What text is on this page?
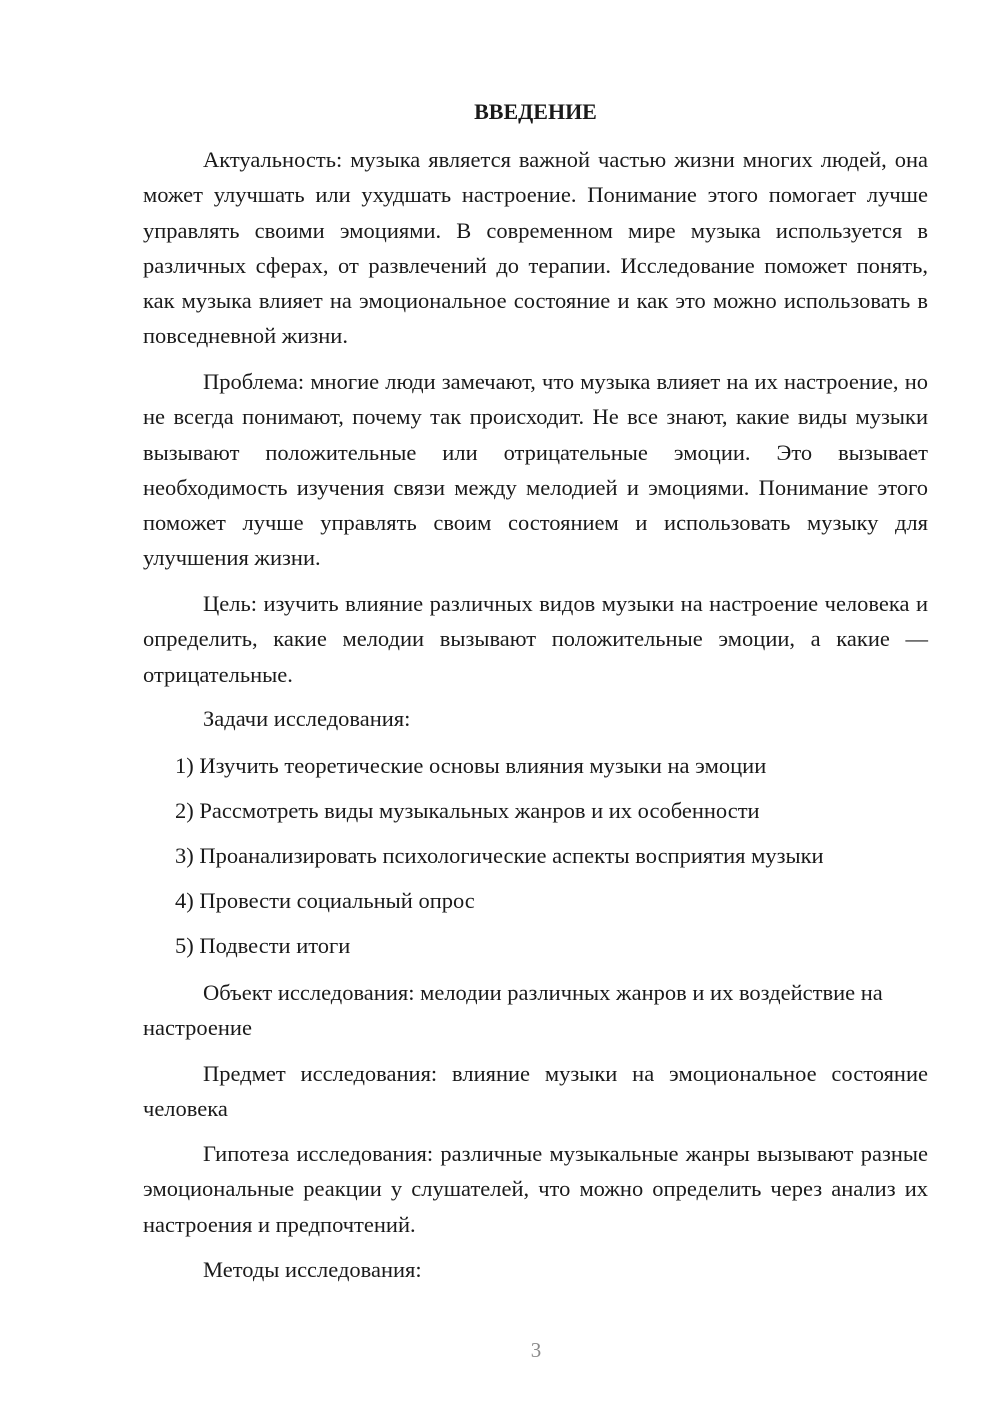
ВВЕДЕНИЕ

Актуальность: музыка является важной частью жизни многих людей, она может улучшать или ухудшать настроение. Понимание этого помогает лучше управлять своими эмоциями. В современном мире музыка используется в различных сферах, от развлечений до терапии. Исследование поможет понять, как музыка влияет на эмоциональное состояние и как это можно использовать в повседневной жизни.

Проблема: многие люди замечают, что музыка влияет на их настроение, но не всегда понимают, почему так происходит. Не все знают, какие виды музыки вызывают положительные или отрицательные эмоции. Это вызывает необходимость изучения связи между мелодией и эмоциями. Понимание этого поможет лучше управлять своим состоянием и использовать музыку для улучшения жизни.

Цель: изучить влияние различных видов музыки на настроение человека и определить, какие мелодии вызывают положительные эмоции, а какие — отрицательные.

Задачи исследования:

1) Изучить теоретические основы влияния музыки на эмоции

2) Рассмотреть виды музыкальных жанров и их особенности

3) Проанализировать психологические аспекты восприятия музыки

4) Провести социальный опрос

5) Подвести итоги

Объект исследования: мелодии различных жанров и их воздействие на настроение

Предмет исследования: влияние музыки на эмоциональное состояние человека

Гипотеза исследования: различные музыкальные жанры вызывают разные эмоциональные реакции у слушателей, что можно определить через анализ их настроения и предпочтений.

Методы исследования:

3
